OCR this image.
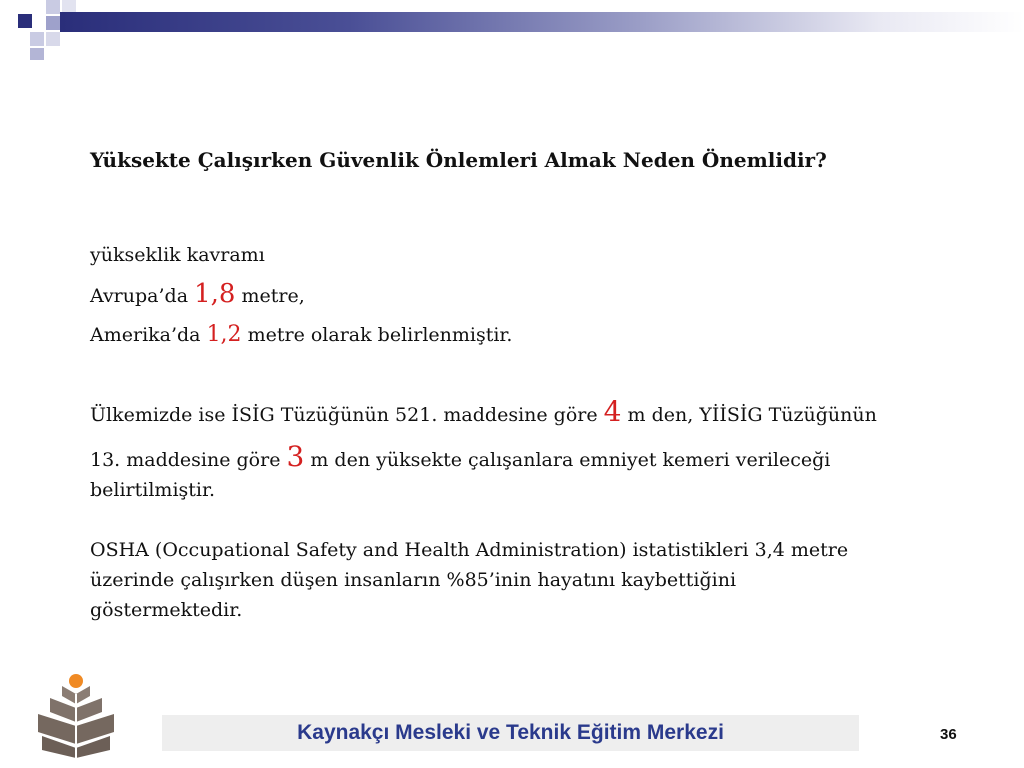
Yüksekte Çalışırken Güvenlik Önlemleri Almak Neden Önemlidir?
yükseklik kavramı
Avrupa’da 1,8 metre,
Amerika’da 1,2 metre olarak belirlenmiştir.
Ülkemizde ise İSİG Tüzüğünün 521. maddesine göre 4 m den, YİİSİG Tüzüğünün
13. maddesine göre 3 m den yüksekte çalışanlara emniyet kemeri verileceği
belirtilmiştir.
OSHA (Occupational Safety and Health Administration) istatistikleri 3,4 metre
üzerinde çalışırken düşen insanların %85’inin hayatını kaybettiğini
göstermektedir.
Kaynakçı Mesleki ve Teknik Eğitim Merkezi	36
